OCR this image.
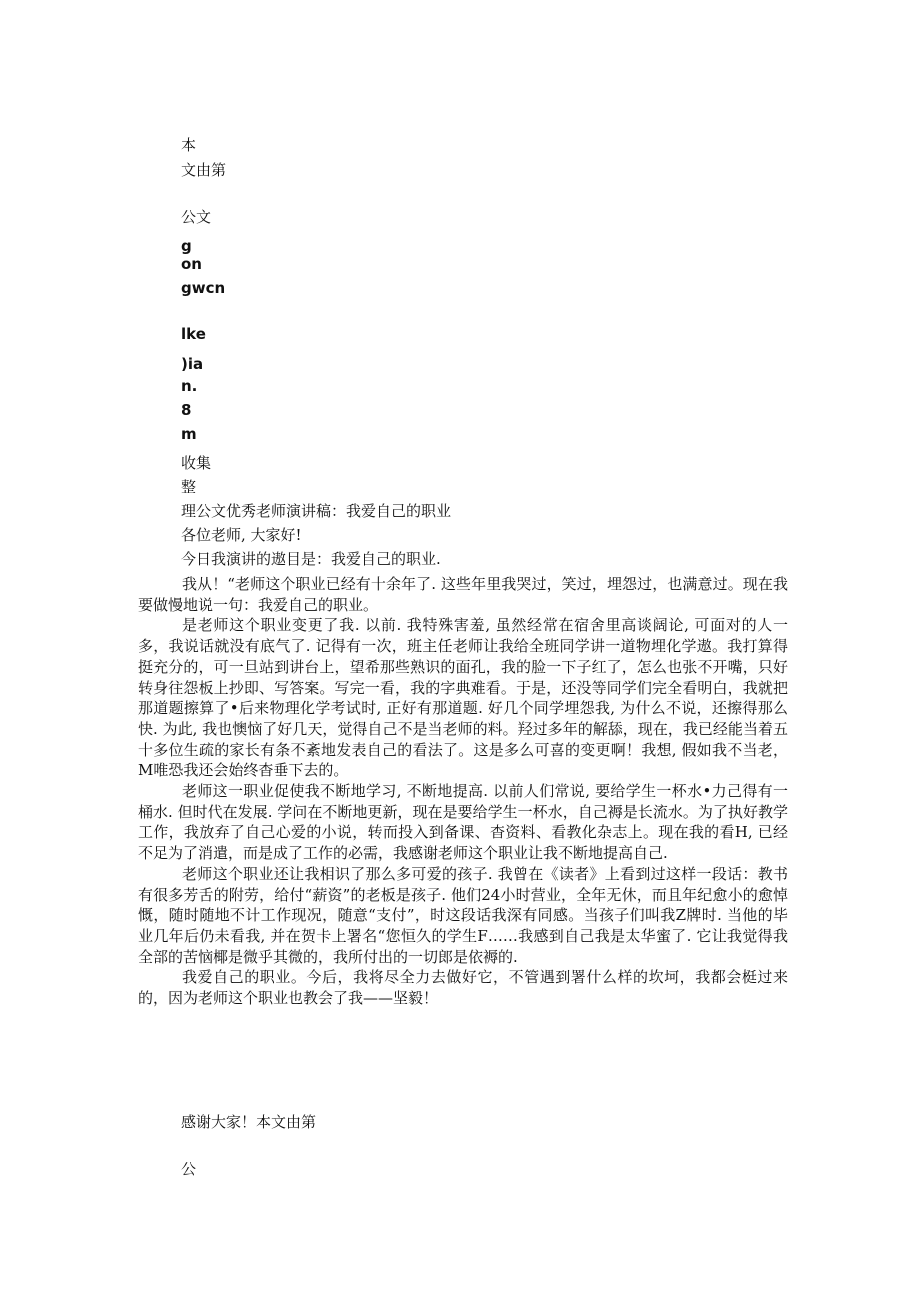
本
文由第
公文
g
on
gwcn
lke
)ia
n.
8
m
收集
整
理公文优秀老师演讲稿：我爱自己的职业
各位老师, 大家好!
今日我演讲的遨目是：我爱自己的职业.

我从！“老师这个职业已经有十余年了. 这些年里我哭过，笑过，埋怨过，也满意过。现在我要做慢地说一句：我爱自己的职业。

是老师这个职业变更了我. 以前. 我特殊害羞, 虽然经常在宿舍里高谈阔论, 可面对的人一多，我说话就没有底气了. 记得有一次，班主任老师让我给全班同学讲一道物埋化学遨。我打算得挺充分的，可一旦站到讲台上，望希那些熟识的面孔，我的脸一下子红了，怎么也张不开嘴，只好转身往怨板上抄即、写答案。写完一看，我的字典难看。于是，还没等同学们完全看明白，我就把那道题擦算了•后来物理化学考试时, 正好有那道题. 好几个同学埋怨我, 为什么不说，还擦得那么快. 为此, 我也懊恼了好几天，觉得自己不是当老师的料。羟过多年的解舔，现在，我已经能当着五十多位生疏的家长有条不紊地发表自己的看法了。这是多么可喜的变更啊！我想, 假如我不当老，M唯恐我还会始终杳垂下去的。

老师这一职业促使我不断地学习, 不断地提高. 以前人们常说, 要给学生一杯水•力己得有一桶水. 但时代在发展. 学问在不断地更新，现在是要给学生一杯水，自己褥是长流水。为了执好教学工作，我放弃了自己心爱的小说，转而投入到备课、杳资料、看教化杂志上。现在我的看H, 已经不足为了消遣，而是成了工作的必需，我感谢老师这个职业让我不断地提高自己.

老师这个职业还让我相识了那么多可爱的孩子. 我曾在《读者》上看到过这样一段话：教书有很多芳舌的附劳，给付“薪资”的老板是孩子. 他们24小时营业，全年无休，而且年纪愈小的愈悼慨，随时随地不计工作现况，随意“支付”，时这段话我深有同感。当孩子们叫我Z牌时. 当他的毕业几年后仍未看我, 并在贺卡上署名“您恒久的学生F……我感到自己我是太华蜜了. 它让我觉得我全部的苦恼椰是微乎其微的，我所付出的一切郎是依褥的.

我爱自己的职业。今后，我将尽全力去做好它，不管遇到署什么样的坎坷，我都会梃过来的，因为老师这个职业也教会了我——坚毅！

感谢大家！本文由第
公
